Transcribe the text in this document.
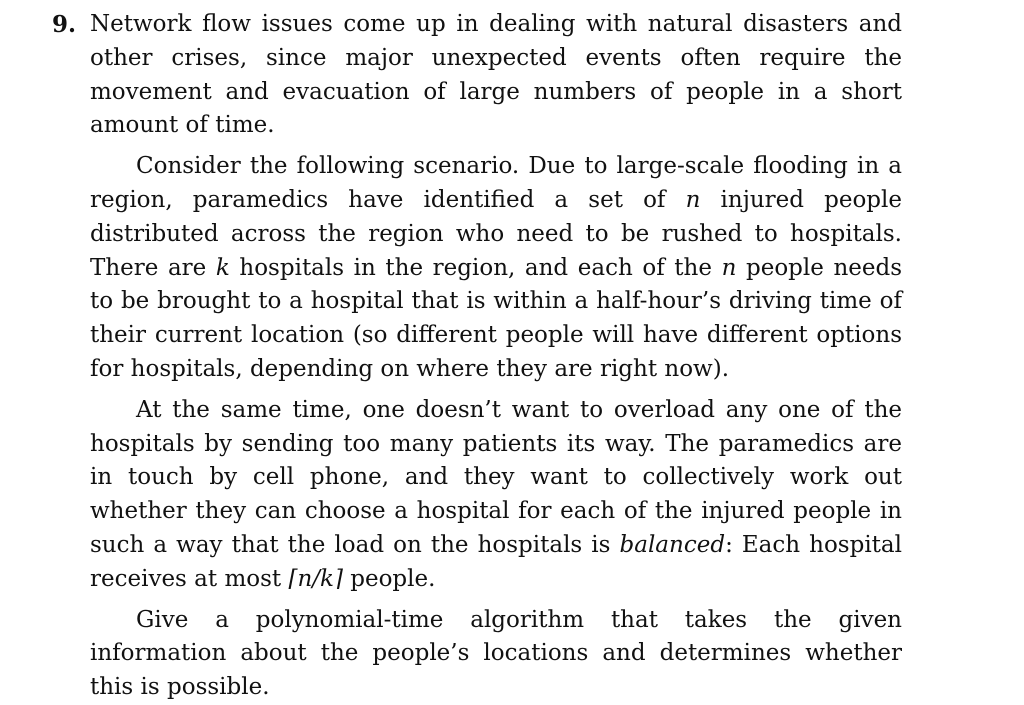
9. Network flow issues come up in dealing with natural disasters and other crises, since major unexpected events often require the movement and evacuation of large numbers of people in a short amount of time.

Consider the following scenario. Due to large-scale flooding in a region, paramedics have identified a set of n injured people distributed across the region who need to be rushed to hospitals. There are k hospitals in the region, and each of the n people needs to be brought to a hospital that is within a half-hour’s driving time of their current location (so different people will have different options for hospitals, depending on where they are right now).

At the same time, one doesn’t want to overload any one of the hospitals by sending too many patients its way. The paramedics are in touch by cell phone, and they want to collectively work out whether they can choose a hospital for each of the injured people in such a way that the load on the hospitals is balanced: Each hospital receives at most ⌈n/k⌉ people.

Give a polynomial-time algorithm that takes the given information about the people’s locations and determines whether this is possible.
